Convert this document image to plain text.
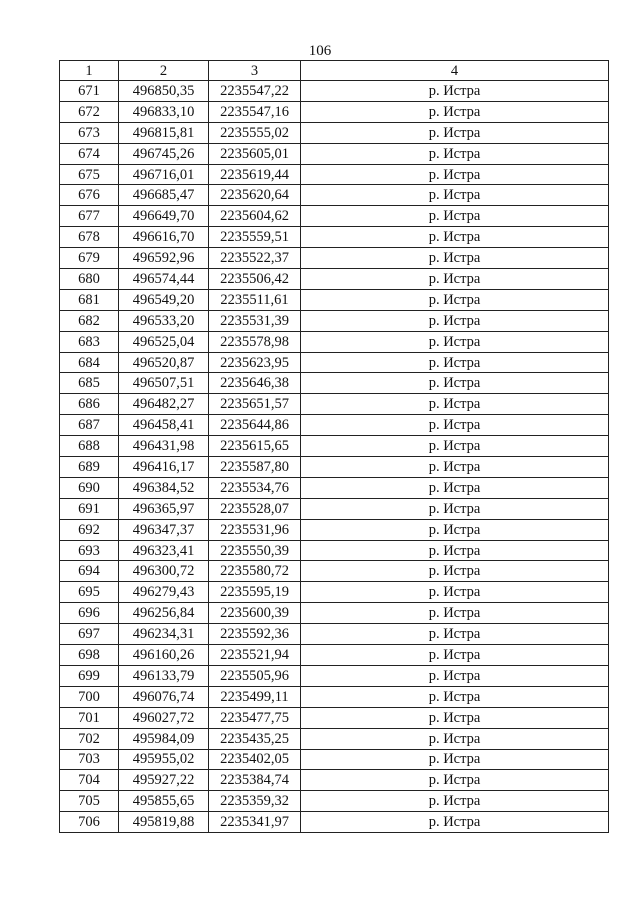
106
1	2	3	4
671	496850,35	2235547,22	р. Истра
672	496833,10	2235547,16	р. Истра
673	496815,81	2235555,02	р. Истра
674	496745,26	2235605,01	р. Истра
675	496716,01	2235619,44	р. Истра
676	496685,47	2235620,64	р. Истра
677	496649,70	2235604,62	р. Истра
678	496616,70	2235559,51	р. Истра
679	496592,96	2235522,37	р. Истра
680	496574,44	2235506,42	р. Истра
681	496549,20	2235511,61	р. Истра
682	496533,20	2235531,39	р. Истра
683	496525,04	2235578,98	р. Истра
684	496520,87	2235623,95	р. Истра
685	496507,51	2235646,38	р. Истра
686	496482,27	2235651,57	р. Истра
687	496458,41	2235644,86	р. Истра
688	496431,98	2235615,65	р. Истра
689	496416,17	2235587,80	р. Истра
690	496384,52	2235534,76	р. Истра
691	496365,97	2235528,07	р. Истра
692	496347,37	2235531,96	р. Истра
693	496323,41	2235550,39	р. Истра
694	496300,72	2235580,72	р. Истра
695	496279,43	2235595,19	р. Истра
696	496256,84	2235600,39	р. Истра
697	496234,31	2235592,36	р. Истра
698	496160,26	2235521,94	р. Истра
699	496133,79	2235505,96	р. Истра
700	496076,74	2235499,11	р. Истра
701	496027,72	2235477,75	р. Истра
702	495984,09	2235435,25	р. Истра
703	495955,02	2235402,05	р. Истра
704	495927,22	2235384,74	р. Истра
705	495855,65	2235359,32	р. Истра
706	495819,88	2235341,97	р. Истра
